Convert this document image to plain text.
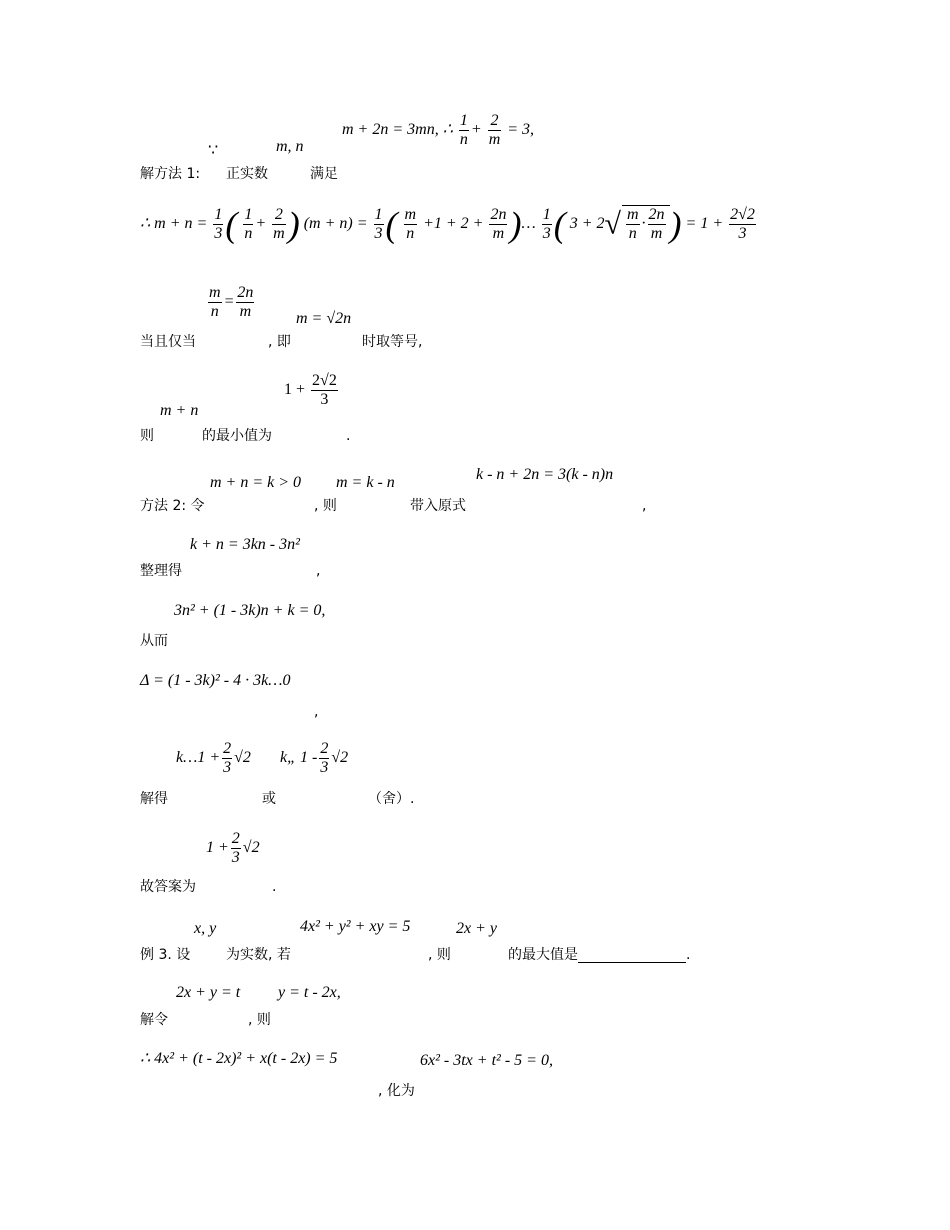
∵	m, n
m + 2n = 3mn, ∴ $\frac{1}{n} + \frac{2}{m} = 3$,
解方法 1: 正实数	满足
∴ $m + n = \frac{1}{3}$ ( $\frac{1}{n} + \frac{2}{m}$ ) $(m + n) = \frac{1}{3}$ ( $\frac{m}{n} +1 + 2 + \frac{2n}{m}$ )… $\frac{1}{3}$ ( $3 + 2√ \frac{m}{n} \cdot \frac{2n}{m}$ ) = $1 + \frac{2√2}{3}$
$\frac{m}{n} = \frac{2n}{m}$	m = √2n
当且仅当	, 即	时取等号,
m + n
$1 + \frac{2√2}{3}$
则	的最小值为	.
m + n = k > 0 m = k - n	k - n + 2n = 3(k - n)n
方法 2: 令	, 则	带入原式	,
k + n = 3kn - 3n²
整理得	,
3n² + (1 - 3k)n + k = 0,
从而
Δ = (1 - 3k)² - 4 · 3k…0
,
k…1 + $\frac{2}{3} √2$ k„ $1 - \frac{2}{3} √2$
解得	或	（舍）.
$1 + \frac{2}{3} √2$
故答案为	.
x, y	4x² + y² + xy = 5	2x + y
例 3. 设	为实数, 若	, 则	的最大值是	.
2x + y = t y = t - 2x,
解令	, 则
∴ 4x² + (t - 2x)² + x(t - 2x) = 5	6x² - 3tx + t² - 5 = 0,
, 化为
